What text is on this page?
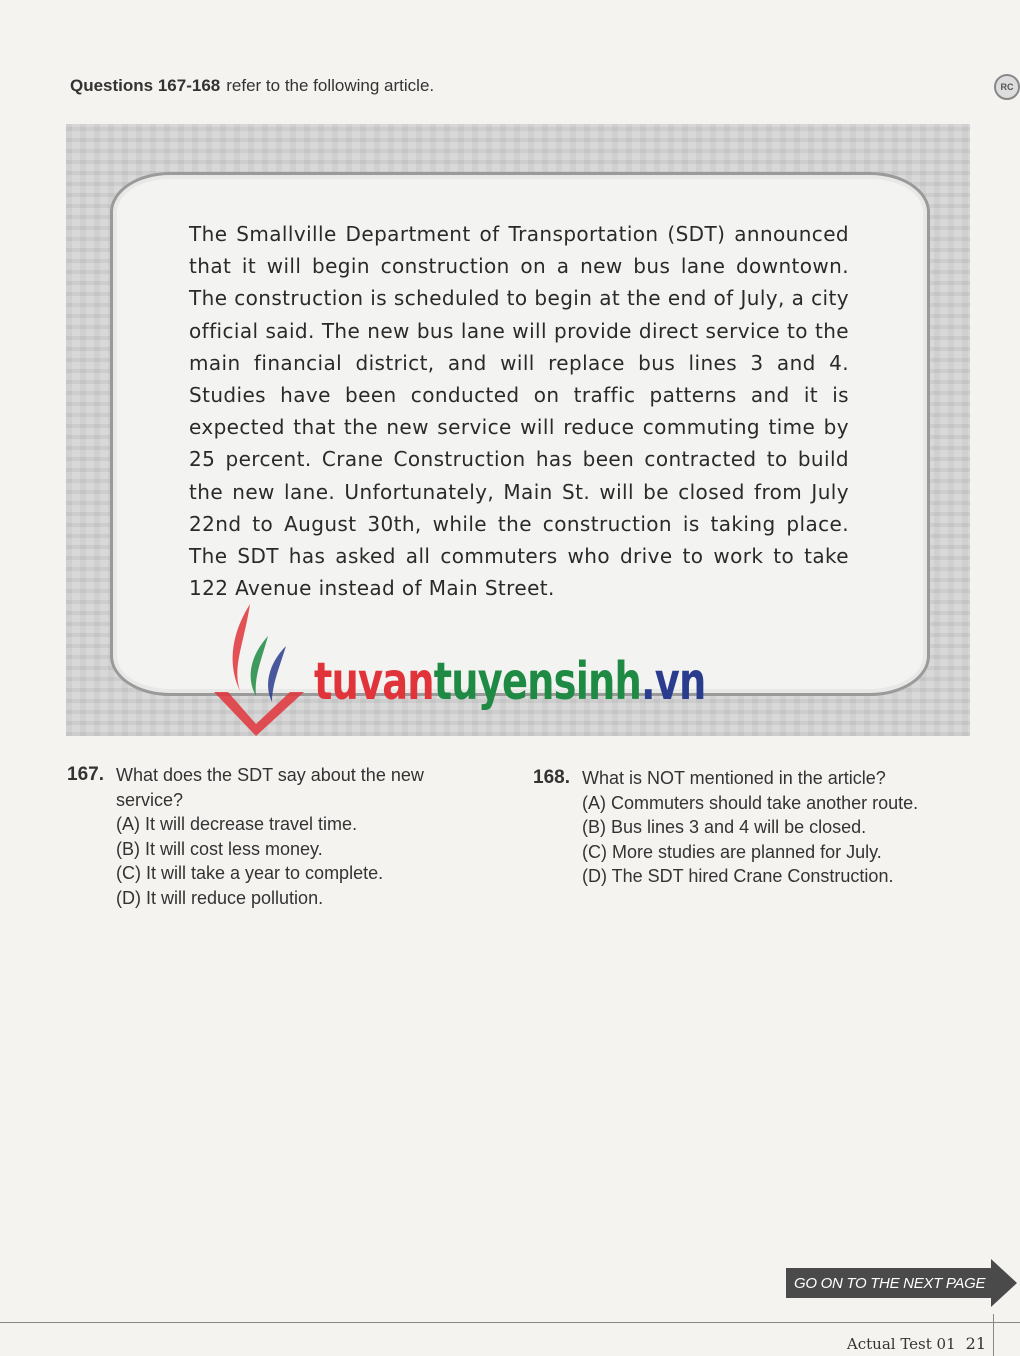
Questions 167-168 refer to the following article.	RC
The Smallville Department of Transportation (SDT) announced that it will begin construction on a new bus lane downtown. The construction is scheduled to begin at the end of July, a city official said. The new bus lane will provide direct service to the main financial district, and will replace bus lines 3 and 4. Studies have been conducted on traffic patterns and it is expected that the new service will reduce commuting time by 25 percent. Crane Construction has been contracted to build the new lane. Unfortunately, Main St. will be closed from July 22nd to August 30th, while the construction is taking place. The SDT has asked all commuters who drive to work to take 122 Avenue instead of Main Street.
tuvantuyensinh.vn
167. What does the SDT say about the new service?
(A) It will decrease travel time.
(B) It will cost less money.
(C) It will take a year to complete.
(D) It will reduce pollution.
168. What is NOT mentioned in the article?
(A) Commuters should take another route.
(B) Bus lines 3 and 4 will be closed.
(C) More studies are planned for July.
(D) The SDT hired Crane Construction.
GO ON TO THE NEXT PAGE
Actual Test 01 21
